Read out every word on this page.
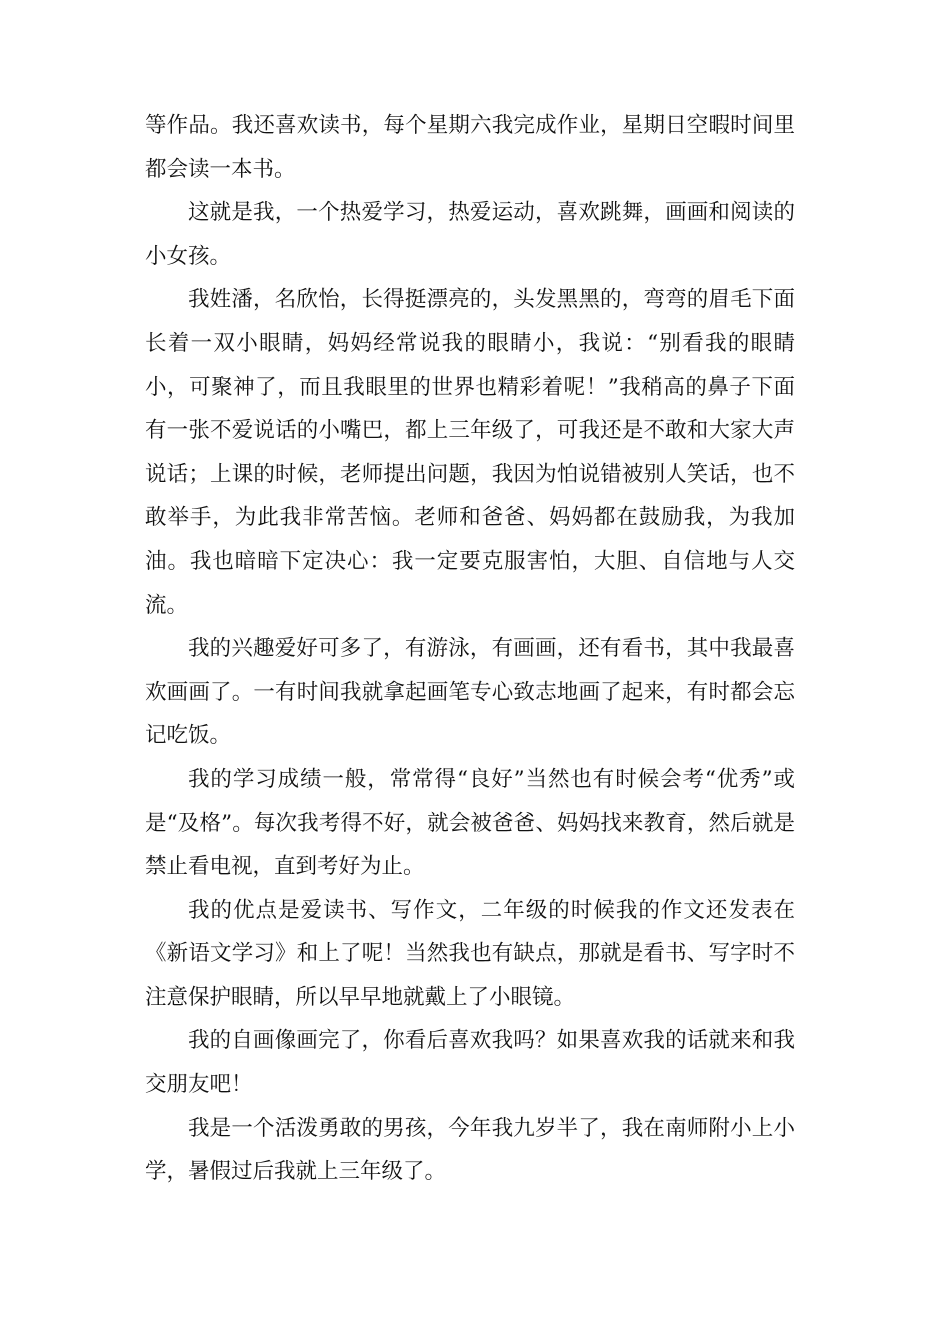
等作品。我还喜欢读书，每个星期六我完成作业，星期日空暇时间里都会读一本书。

这就是我，一个热爱学习，热爱运动，喜欢跳舞，画画和阅读的小女孩。

我姓潘，名欣怡，长得挺漂亮的，头发黑黑的，弯弯的眉毛下面长着一双小眼睛，妈妈经常说我的眼睛小，我说：“别看我的眼睛小，可聚神了，而且我眼里的世界也精彩着呢！”我稍高的鼻子下面有一张不爱说话的小嘴巴，都上三年级了，可我还是不敢和大家大声说话；上课的时候，老师提出问题，我因为怕说错被别人笑话，也不敢举手，为此我非常苦恼。老师和爸爸、妈妈都在鼓励我，为我加油。我也暗暗下定决心：我一定要克服害怕，大胆、自信地与人交流。

我的兴趣爱好可多了，有游泳，有画画，还有看书，其中我最喜欢画画了。一有时间我就拿起画笔专心致志地画了起来，有时都会忘记吃饭。

我的学习成绩一般，常常得“良好”当然也有时候会考“优秀”或是“及格”。每次我考得不好，就会被爸爸、妈妈找来教育，然后就是禁止看电视，直到考好为止。

我的优点是爱读书、写作文，二年级的时候我的作文还发表在《新语文学习》和上了呢！当然我也有缺点，那就是看书、写字时不注意保护眼睛，所以早早地就戴上了小眼镜。

我的自画像画完了，你看后喜欢我吗？如果喜欢我的话就来和我交朋友吧！

我是一个活泼勇敢的男孩，今年我九岁半了，我在南师附小上小学，暑假过后我就上三年级了。
